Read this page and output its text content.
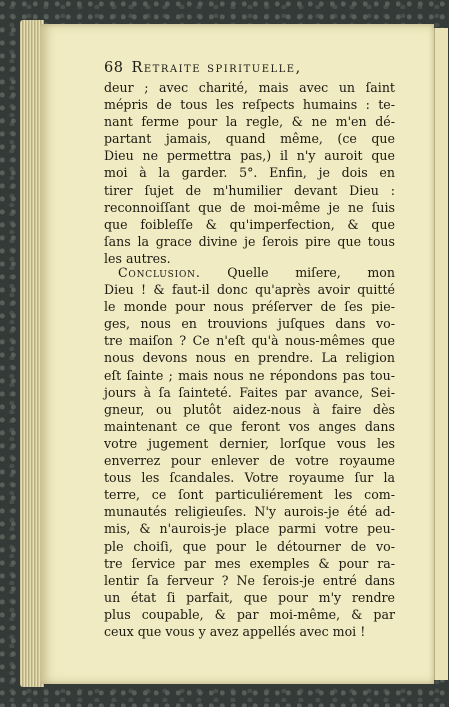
68 Retraite spirituelle,
deur ; avec charité, mais avec un ſaint
mépris de tous les reſpects humains : te-
nant ferme pour la regle, & ne m'en dé-
partant jamais, quand même, (ce que
Dieu ne permettra pas,) il n'y auroit que
moi à la garder. 5°. Enfin, je dois en
tirer ſujet de m'humilier devant Dieu :
reconnoiſſant que de moi-même je ne ſuis
que foibleſſe & qu'imperfection, & que
ſans la grace divine je ſerois pire que tous
les autres.
Conclusion. Quelle miſere, mon
Dieu ! & faut-il donc qu'après avoir quitté
le monde pour nous préſerver de ſes pie-
ges, nous en trouvions juſques dans vo-
tre maiſon ? Ce n'eſt qu'à nous-mêmes que
nous devons nous en prendre. La religion
eſt ſainte ; mais nous ne répondons pas tou-
jours à ſa ſainteté. Faites par avance, Sei-
gneur, ou plutôt aidez-nous à faire dès
maintenant ce que feront vos anges dans
votre jugement dernier, lorſque vous les
enverrez pour enlever de votre royaume
tous les ſcandales. Votre royaume ſur la
terre, ce ſont particuliérement les com-
munautés religieuſes. N'y aurois-je été ad-
mis, & n'aurois-je place parmi votre peu-
ple choiſi, que pour le détourner de vo-
tre ſervice par mes exemples & pour ra-
lentir ſa ferveur ? Ne ſerois-je entré dans
un état ſi parfait, que pour m'y rendre
plus coupable, & par moi-même, & par
ceux que vous y avez appellés avec moi !
